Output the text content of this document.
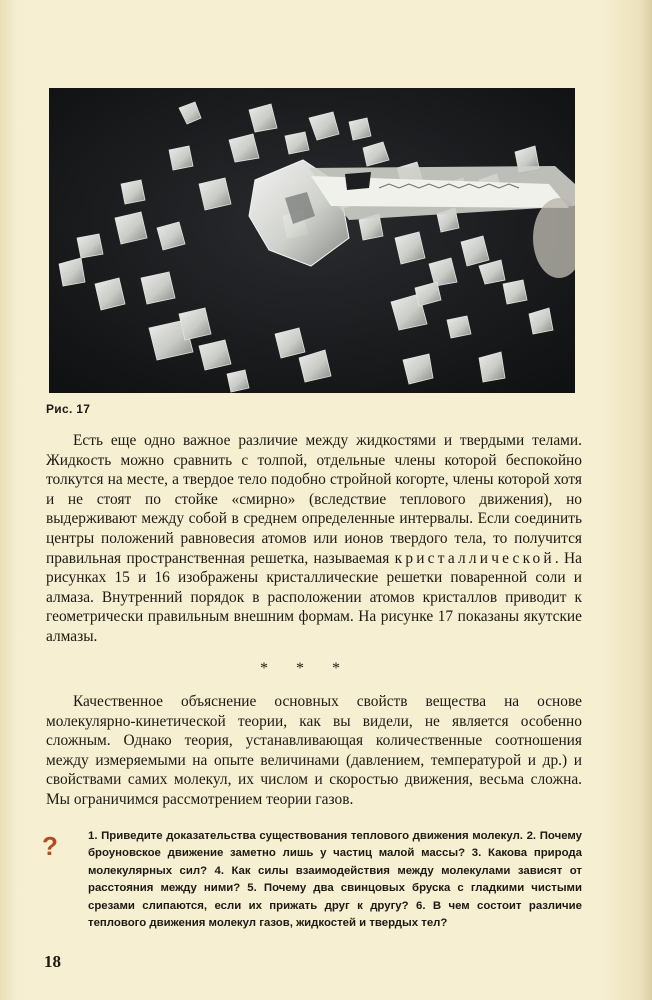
Рис. 17
Есть еще одно важное различие между жидкостями и твердыми телами. Жидкость можно сравнить с толпой, отдельные члены которой беспокойно толкутся на месте, а твердое тело подобно стройной когорте, члены которой хотя и не стоят по стойке «смирно» (вследствие теплового движения), но выдерживают между собой в среднем определенные интервалы. Если соединить центры положений равновесия атомов или ионов твердого тела, то получится правильная пространственная решетка, называемая кристаллической. На рисунках 15 и 16 изображены кристаллические решетки поваренной соли и алмаза. Внутренний порядок в расположении атомов кристаллов приводит к геометрически правильным внешним формам. На рисунке 17 показаны якутские алмазы.
* * *
Качественное объяснение основных свойств вещества на основе молекулярно-кинетической теории, как вы видели, не является особенно сложным. Однако теория, устанавливающая количественные соотношения между измеряемыми на опыте величинами (давлением, температурой и др.) и свойствами самих молекул, их числом и скоростью движения, весьма сложна. Мы ограничимся рассмотрением теории газов.
?	1. Приведите доказательства существования теплового движения молекул. 2. Почему броуновское движение заметно лишь у частиц малой массы? 3. Какова природа молекулярных сил? 4. Как силы взаимодействия между молекулами зависят от расстояния между ними? 5. Почему два свинцовых бруска с гладкими чистыми срезами слипаются, если их прижать друг к другу? 6. В чем состоит различие теплового движения молекул газов, жидкостей и твердых тел?
18
